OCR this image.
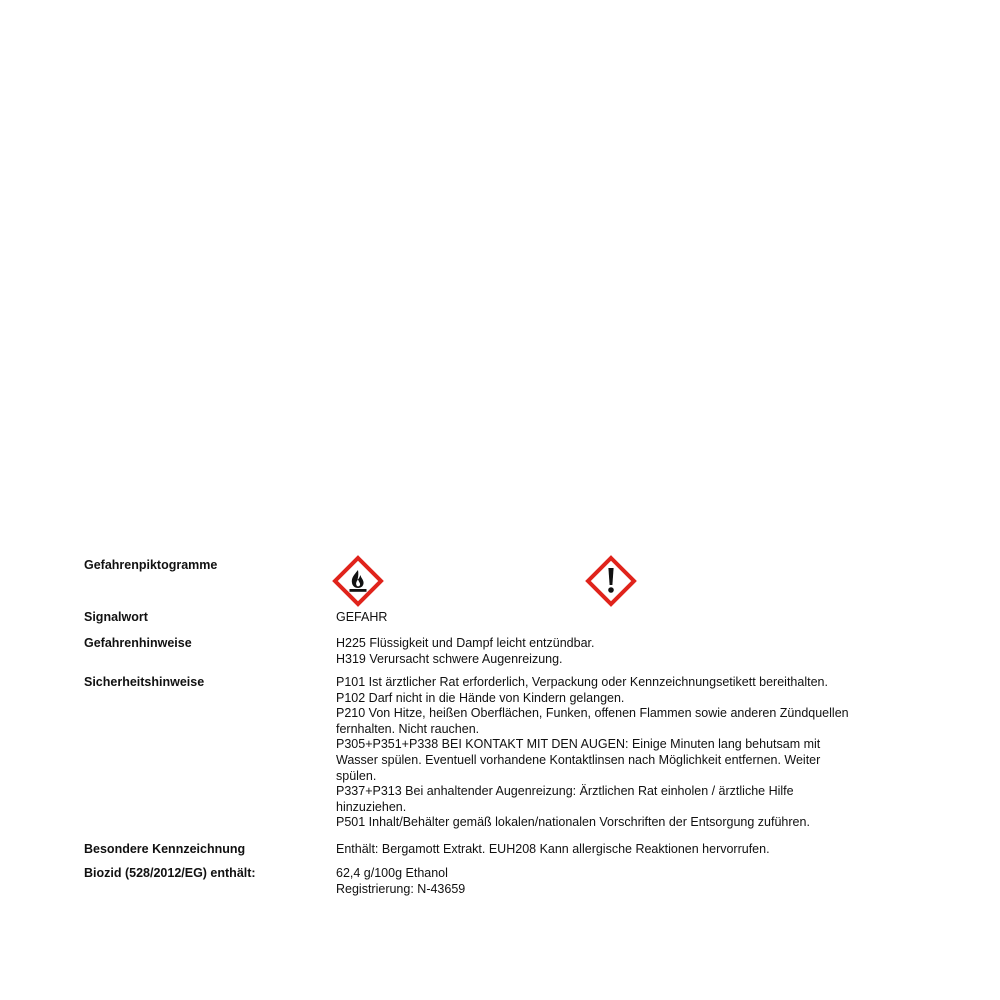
Gefahrenpiktogramme
Signalwort	GEFAHR
Gefahrenhinweise	H225 Flüssigkeit und Dampf leicht entzündbar.
H319 Verursacht schwere Augenreizung.
Sicherheitshinweise	P101 Ist ärztlicher Rat erforderlich, Verpackung oder Kennzeichnungsetikett bereithalten.
P102 Darf nicht in die Hände von Kindern gelangen.
P210 Von Hitze, heißen Oberflächen, Funken, offenen Flammen sowie anderen Zündquellen
fernhalten. Nicht rauchen.
P305+P351+P338 BEI KONTAKT MIT DEN AUGEN: Einige Minuten lang behutsam mit
Wasser spülen. Eventuell vorhandene Kontaktlinsen nach Möglichkeit entfernen. Weiter
spülen.
P337+P313 Bei anhaltender Augenreizung: Ärztlichen Rat einholen / ärztliche Hilfe
hinzuziehen.
P501 Inhalt/Behälter gemäß lokalen/nationalen Vorschriften der Entsorgung zuführen.
Besondere Kennzeichnung	Enthält: Bergamott Extrakt. EUH208 Kann allergische Reaktionen hervorrufen.
Biozid (528/2012/EG) enthält:	62,4 g/100g Ethanol
Registrierung: N-43659
